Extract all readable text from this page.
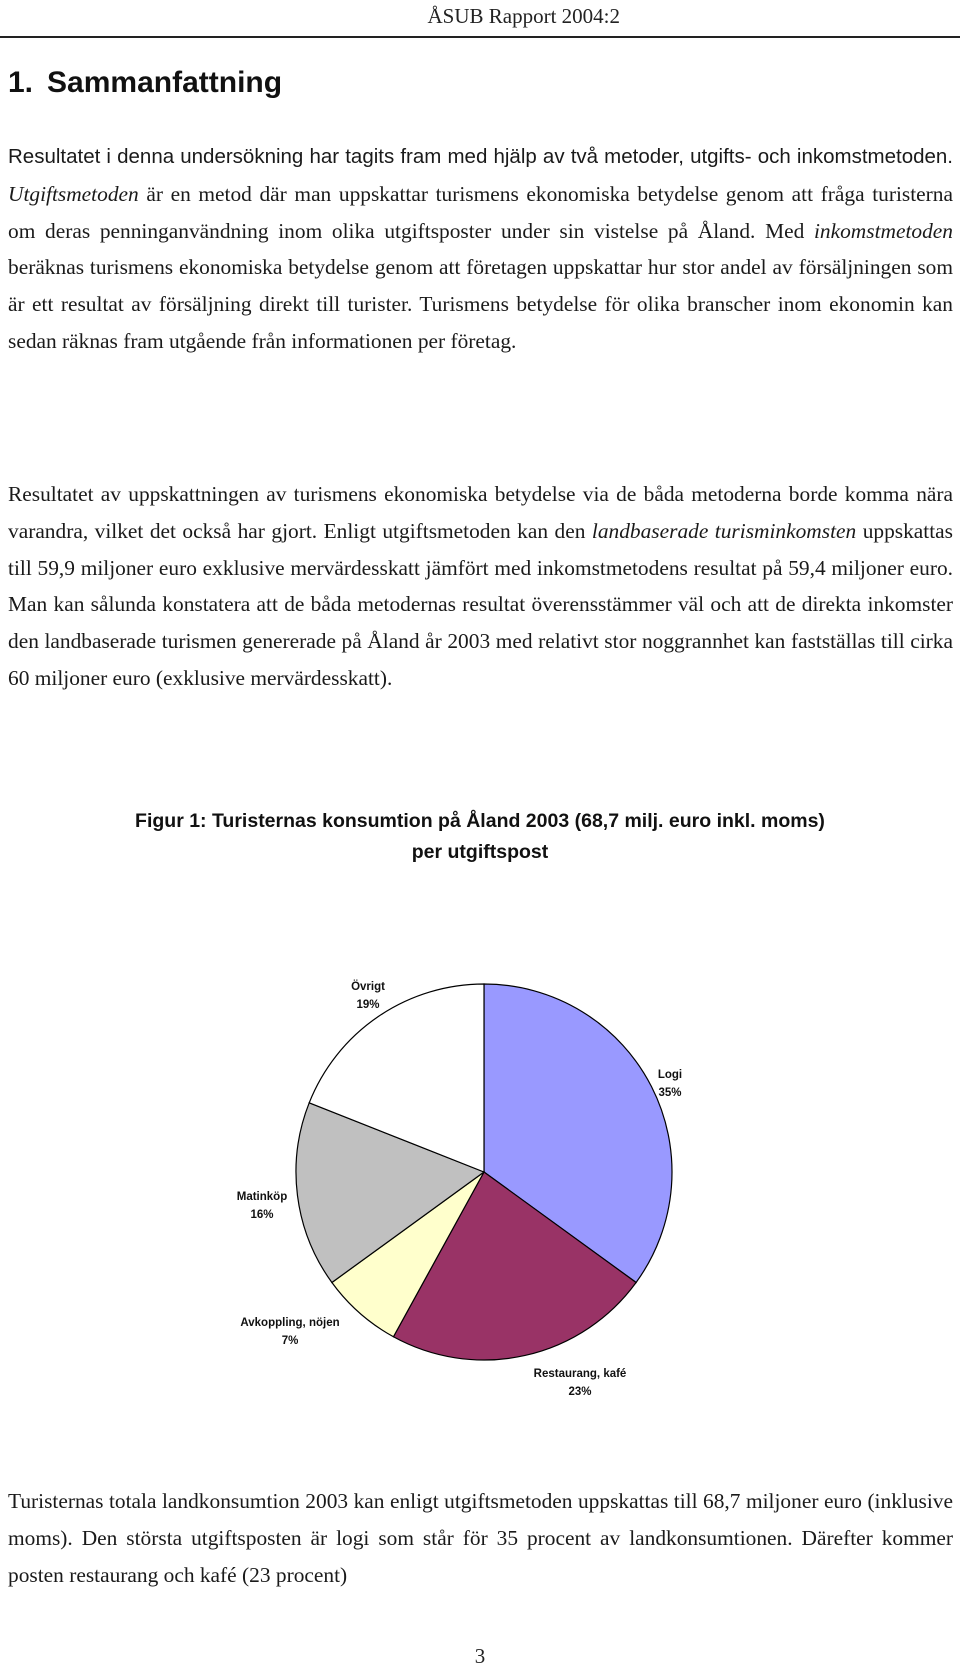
ÅSUB Rapport 2004:2
1. Sammanfattning

Resultatet i denna undersökning har tagits fram med hjälp av två metoder, utgifts- och inkomstmetoden. Utgiftsmetoden är en metod där man uppskattar turismens ekonomiska betydelse genom att fråga turisterna om deras penninganvändning inom olika utgiftsposter under sin vistelse på Åland. Med inkomstmetoden beräknas turismens ekonomiska betydelse genom att företagen uppskattar hur stor andel av försäljningen som är ett resultat av försäljning direkt till turister. Turismens betydelse för olika branscher inom ekonomin kan sedan räknas fram utgående från informationen per företag.

Resultatet av uppskattningen av turismens ekonomiska betydelse via de båda metoderna borde komma nära varandra, vilket det också har gjort. Enligt utgiftsmetoden kan den landbaserade turisminkomsten uppskattas till 59,9 miljoner euro exklusive mervärdesskatt jämfört med inkomstmetodens resultat på 59,4 miljoner euro. Man kan sålunda konstatera att de båda metodernas resultat överensstämmer väl och att de direkta inkomster den landbaserade turismen genererade på Åland år 2003 med relativt stor noggrannhet kan fastställas till cirka 60 miljoner euro (exklusive mervärdesskatt).

Figur 1: Turisternas konsumtion på Åland 2003 (68,7 milj. euro inkl. moms)
per utgiftspost
Logi
35%
Restaurang, kafé
23%
Avkoppling, nöjen
7%
Matinköp
16%
Övrigt
19%

Turisternas totala landkonsumtion 2003 kan enligt utgiftsmetoden uppskattas till 68,7 miljoner euro (inklusive moms). Den största utgiftsposten är logi som står för 35 procent av landkonsumtionen. Därefter kommer posten restaurang och kafé (23 procent)

3
